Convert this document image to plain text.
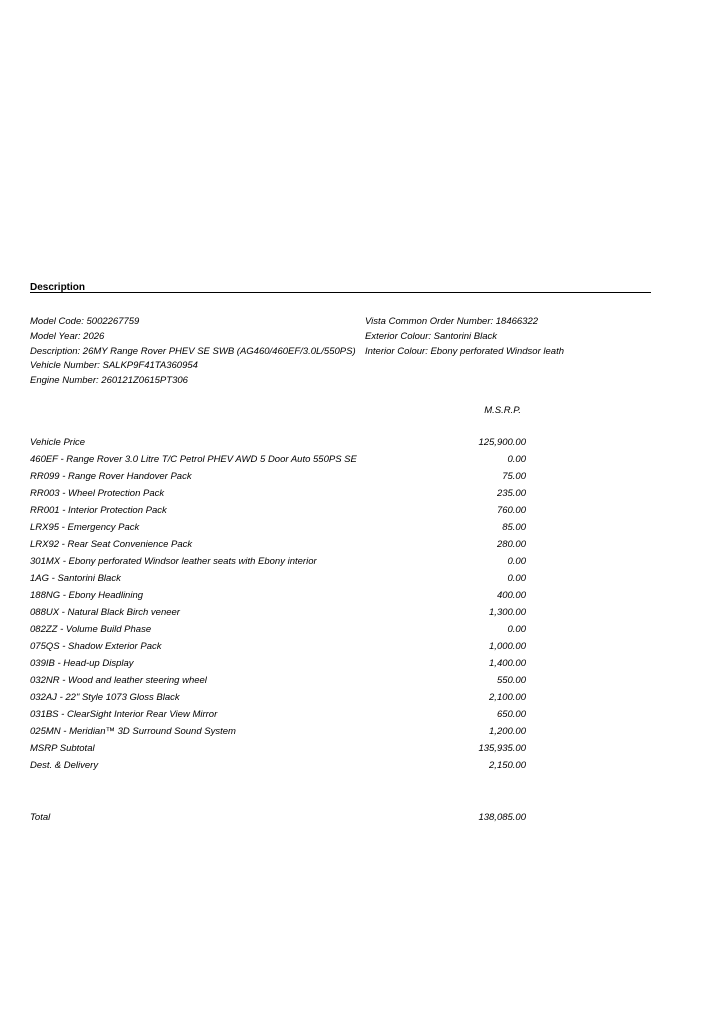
Description
Model Code: 5002267759
Model Year: 2026
Description: 26MY Range Rover PHEV SE SWB (AG460/460EF/3.0L/550PS)
Vehicle Number: SALKP9F41TA360954
Engine Number: 260121Z0615PT306
Vista Common Order Number: 18466322
Exterior Colour: Santorini Black
Interior Colour: Ebony perforated Windsor leath
M.S.R.P.
Vehicle Price	125,900.00
460EF - Range Rover 3.0 Litre T/C Petrol PHEV AWD 5 Door Auto 550PS SE	0.00
RR099 - Range Rover Handover Pack	75.00
RR003 - Wheel Protection Pack	235.00
RR001 - Interior Protection Pack	760.00
LRX95 - Emergency Pack	85.00
LRX92 - Rear Seat Convenience Pack	280.00
301MX - Ebony perforated Windsor leather seats with Ebony interior	0.00
1AG - Santorini Black	0.00
188NG - Ebony Headlining	400.00
088UX - Natural Black Birch veneer	1,300.00
082ZZ - Volume Build Phase	0.00
075QS - Shadow Exterior Pack	1,000.00
039IB - Head-up Display	1,400.00
032NR - Wood and leather steering wheel	550.00
032AJ - 22" Style 1073 Gloss Black	2,100.00
031BS - ClearSight Interior Rear View Mirror	650.00
025MN - Meridian™ 3D Surround Sound System	1,200.00
MSRP Subtotal	135,935.00
Dest. & Delivery	2,150.00
Total	138,085.00
